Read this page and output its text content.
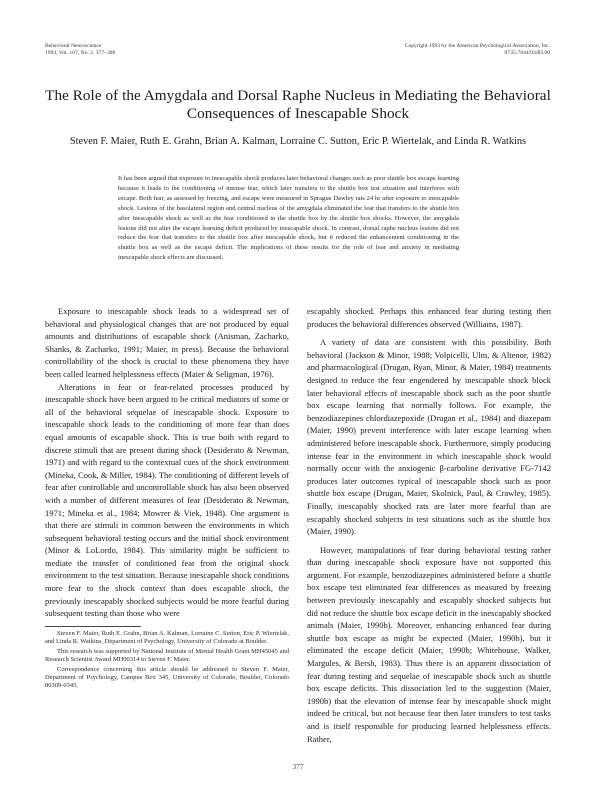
Behavioral Neuroscience
1993, Vol. 107, No. 2, 377–388
Copyright 1993 by the American Psychological Association, Inc.
0735-7044/93/$3.00
The Role of the Amygdala and Dorsal Raphe Nucleus in Mediating the Behavioral Consequences of Inescapable Shock
Steven F. Maier, Ruth E. Grahn, Brian A. Kalman, Lorraine C. Sutton, Eric P. Wiertelak, and Linda R. Watkins
It has been argued that exposure to inescapable shock produces later behavioral changes such as poor shuttle box escape learning because it leads to the conditioning of intense fear, which later transfers to the shuttle box test situation and interferes with escape. Both fear, as assessed by freezing, and escape were measured in Sprague Dawley rats 24 hr after exposure to inescapable shock. Lesions of the basolateral region and central nucleus of the amygdala eliminated the fear that transfers to the shuttle box after inescapable shock as well as the fear conditioned in the shuttle box by the shuttle box shocks. However, the amygdala lesions did not alter the escape learning deficit produced by inescapable shock. In contrast, dorsal raphe nucleus lesions did not reduce the fear that transfers to the shuttle box after inescapable shock, but it reduced the enhancement conditioning in the shuttle box as well as the escape deficit. The implications of these results for the role of fear and anxiety in mediating inescapable shock effects are discussed.

Exposure to inescapable shock leads to a widespread set of behavioral and physiological changes that are not produced by equal amounts and distributions of escapable shock (Anisman, Zacharko, Shanks, & Zacharko, 1991; Maier, in press). Because the behavioral controllability of the shock is crucial to these phenomena they have been called learned helplessness effects (Maier & Seligman, 1976).

Alterations in fear or fear-related processes produced by inescapable shock have been argued to be critical mediators of some or all of the behavioral sequelae of inescapable shock. Exposure to inescapable shock leads to the conditioning of more fear than does equal amounts of escapable shock. This is true both with regard to discrete stimuli that are present during shock (Desiderato & Newman, 1971) and with regard to the contextual cues of the shock environment (Mineka, Cook, & Miller, 1984). The conditioning of different levels of fear after controllable and uncontrollable shock has also been observed with a number of different measures of fear (Desiderato & Newman, 1971; Mineka et al., 1984; Mowrer & Viek, 1948). One argument is that there are stimuli in common between the environments in which subsequent behavioral testing occurs and the initial shock environment (Minor & LoLordo, 1984). This similarity might be sufficient to mediate the transfer of conditioned fear from the original shock environment to the test situation. Because inescapable shock conditions more fear to the shock context than does escapable shock, the previously inescapably shocked subjects would be more fearful during subsequent testing than those who were

escapably shocked. Perhaps this enhanced fear during testing then produces the behavioral differences observed (Williams, 1987).

A variety of data are consistent with this possibility. Both behavioral (Jackson & Minor, 1988; Volpicelli, Ulm, & Altenor, 1982) and pharmacological (Drugan, Ryan, Minor, & Maier, 1984) treatments designed to reduce the fear engendered by inescapable shock block later behavioral effects of inescapable shock such as the poor shuttle box escape learning that normally follows. For example, the benzodiazepines chlordiazepoxide (Drugan et al., 1984) and diazepam (Maier, 1990) prevent interference with later escape learning when administered before inescapable shock. Furthermore, simply producing intense fear in the environment in which inescapable shock would normally occur with the anxiogenic β-carboline derivative FG-7142 produces later outcomes typical of inescapable shock such as poor shuttle box escape (Drugan, Maier, Skolnick, Paul, & Crawley, 1985). Finally, inescapably shocked rats are later more fearful than are escapably shocked subjects in test situations such as the shuttle box (Maier, 1990).

However, manipulations of fear during behavioral testing rather than during inescapable shock exposure have not supported this argument. For example, benzodiazepines administered before a shuttle box escape test eliminated fear differences as measured by freezing between previously inescapably and escapably shocked subjects but did not reduce the shuttle box escape deficit in the inescapably shocked animals (Maier, 1990b). Moreover, enhancing enhanced fear during shuttle box escape as might be expected (Maier, 1990b), but it eliminated the escape deficit (Maier, 1990b; Whitehouse, Walker, Margules, & Bersh, 1983). Thus there is an apparent dissociation of fear during testing and sequelae of inescapable shock such as shuttle box escape deficits. This dissociation led to the suggestion (Maier, 1990b) that the elevation of intense fear by inescapable shock might indeed be critical, but not because fear then later transfers to test tasks and is itself responsible for producing learned helplessness effects. Rather,

Steven F. Maier, Ruth E. Grahn, Brian A. Kalman, Lorraine C. Sutton, Eric P. Wiertelak, and Linda R. Watkins, Department of Psychology, University of Colorado at Boulder.

This research was supported by National Institute of Mental Health Grant MH45045 and Research Scientist Award MH00314 to Steven F. Maier.

Correspondence concerning this article should be addressed to Steven F. Maier, Department of Psychology, Campus Box 345, University of Colorado, Boulder, Colorado 80309-0345.

377
